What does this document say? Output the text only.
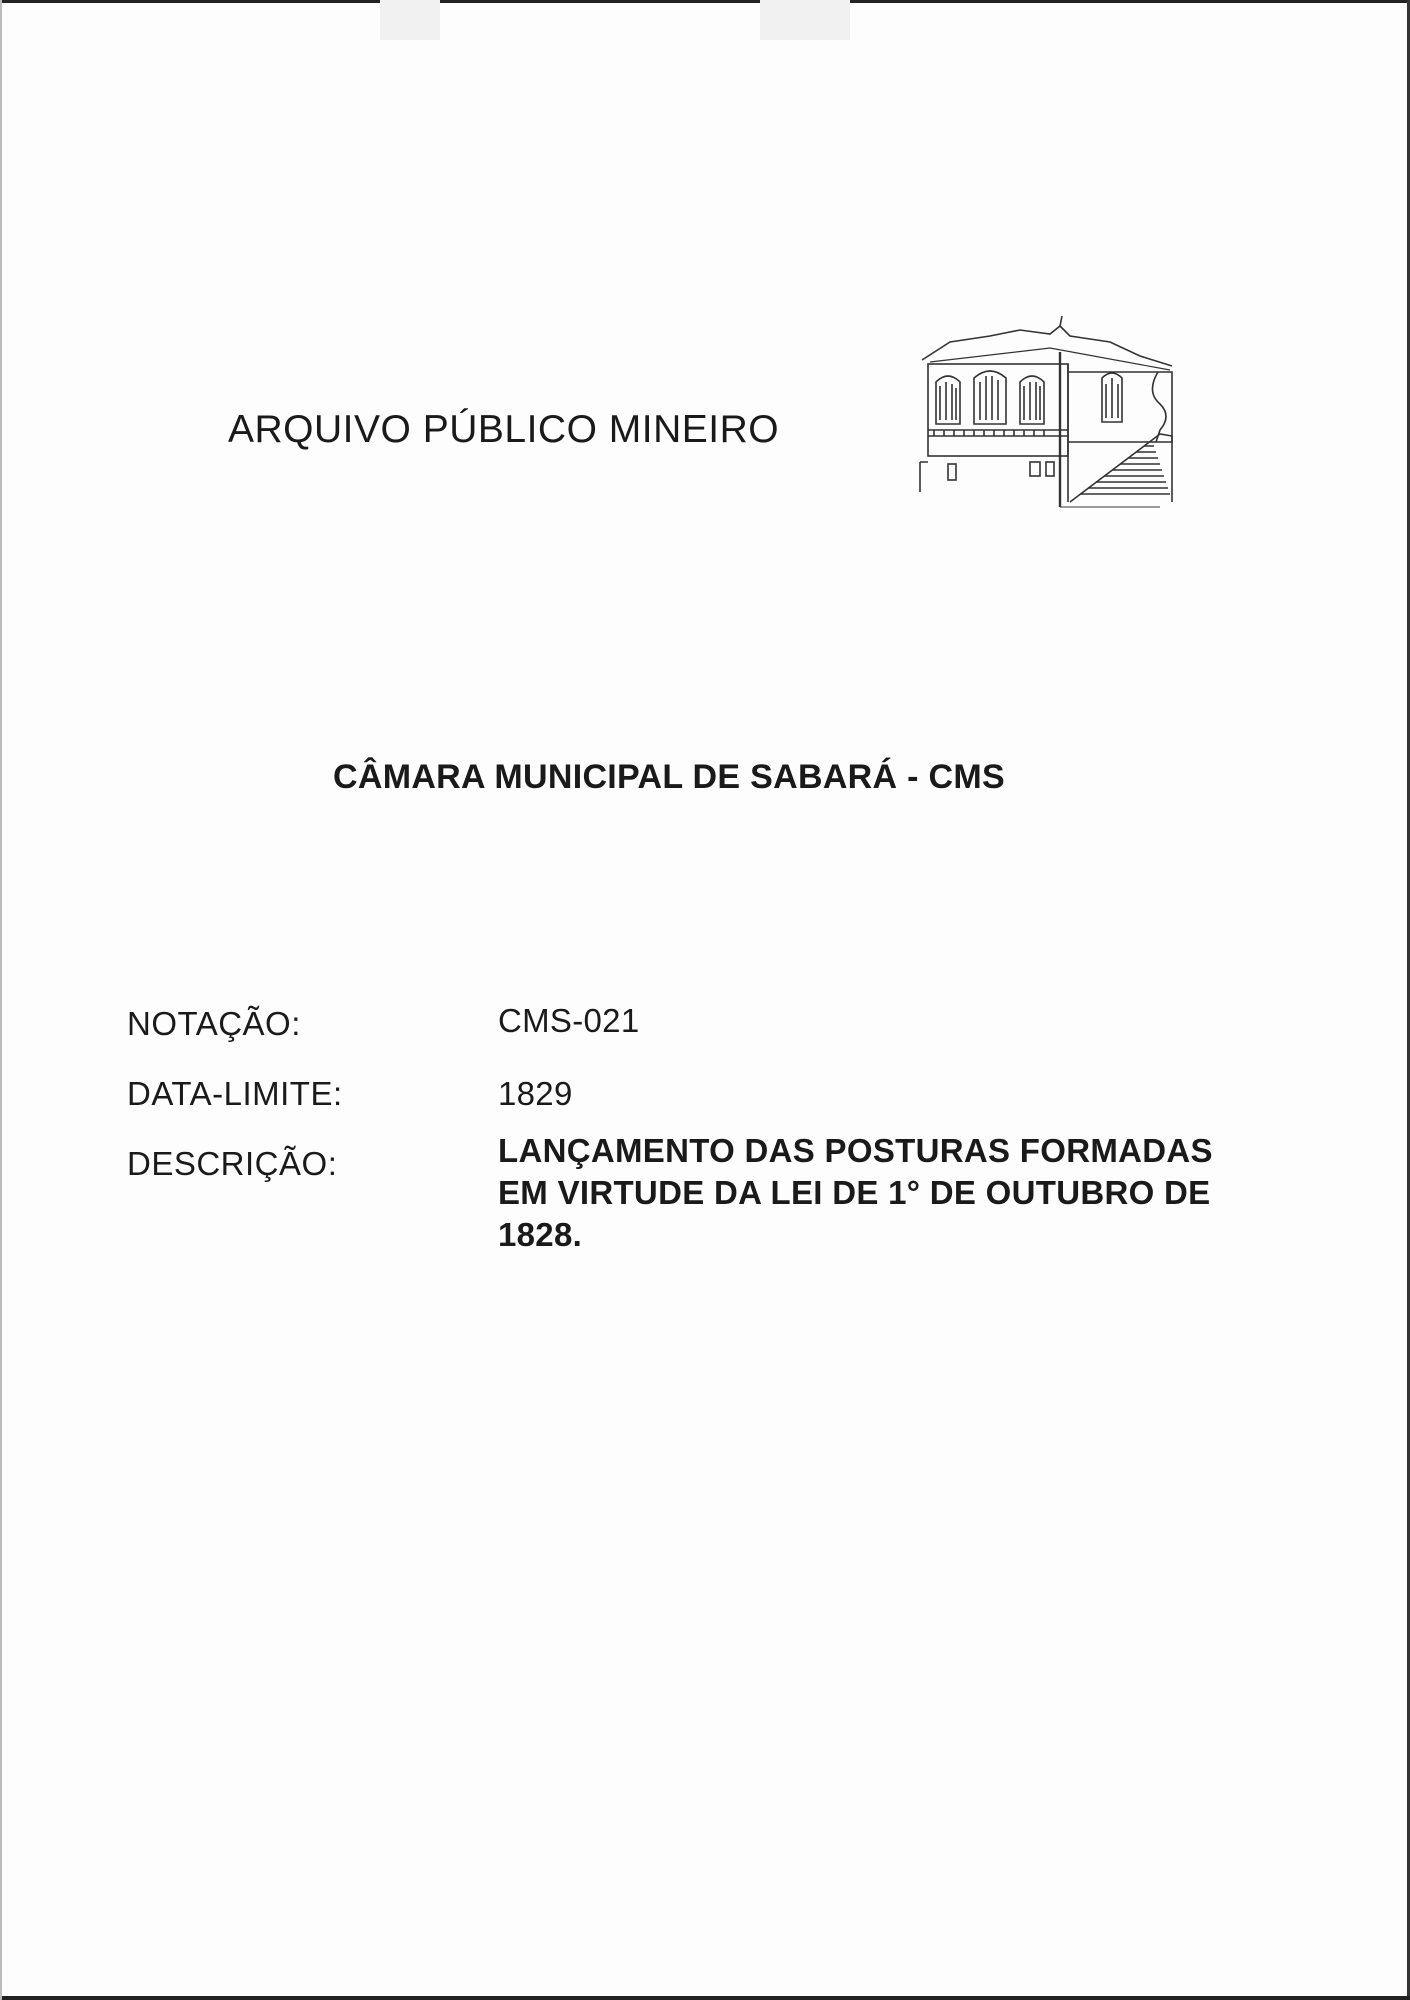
ARQUIVO PÚBLICO MINEIRO
CÂMARA MUNICIPAL DE SABARÁ - CMS
NOTAÇÃO:	CMS-021
DATA-LIMITE:	1829
DESCRIÇÃO:	LANÇAMENTO DAS POSTURAS FORMADAS
EM VIRTUDE DA LEI DE 1° DE OUTUBRO DE
1828.
